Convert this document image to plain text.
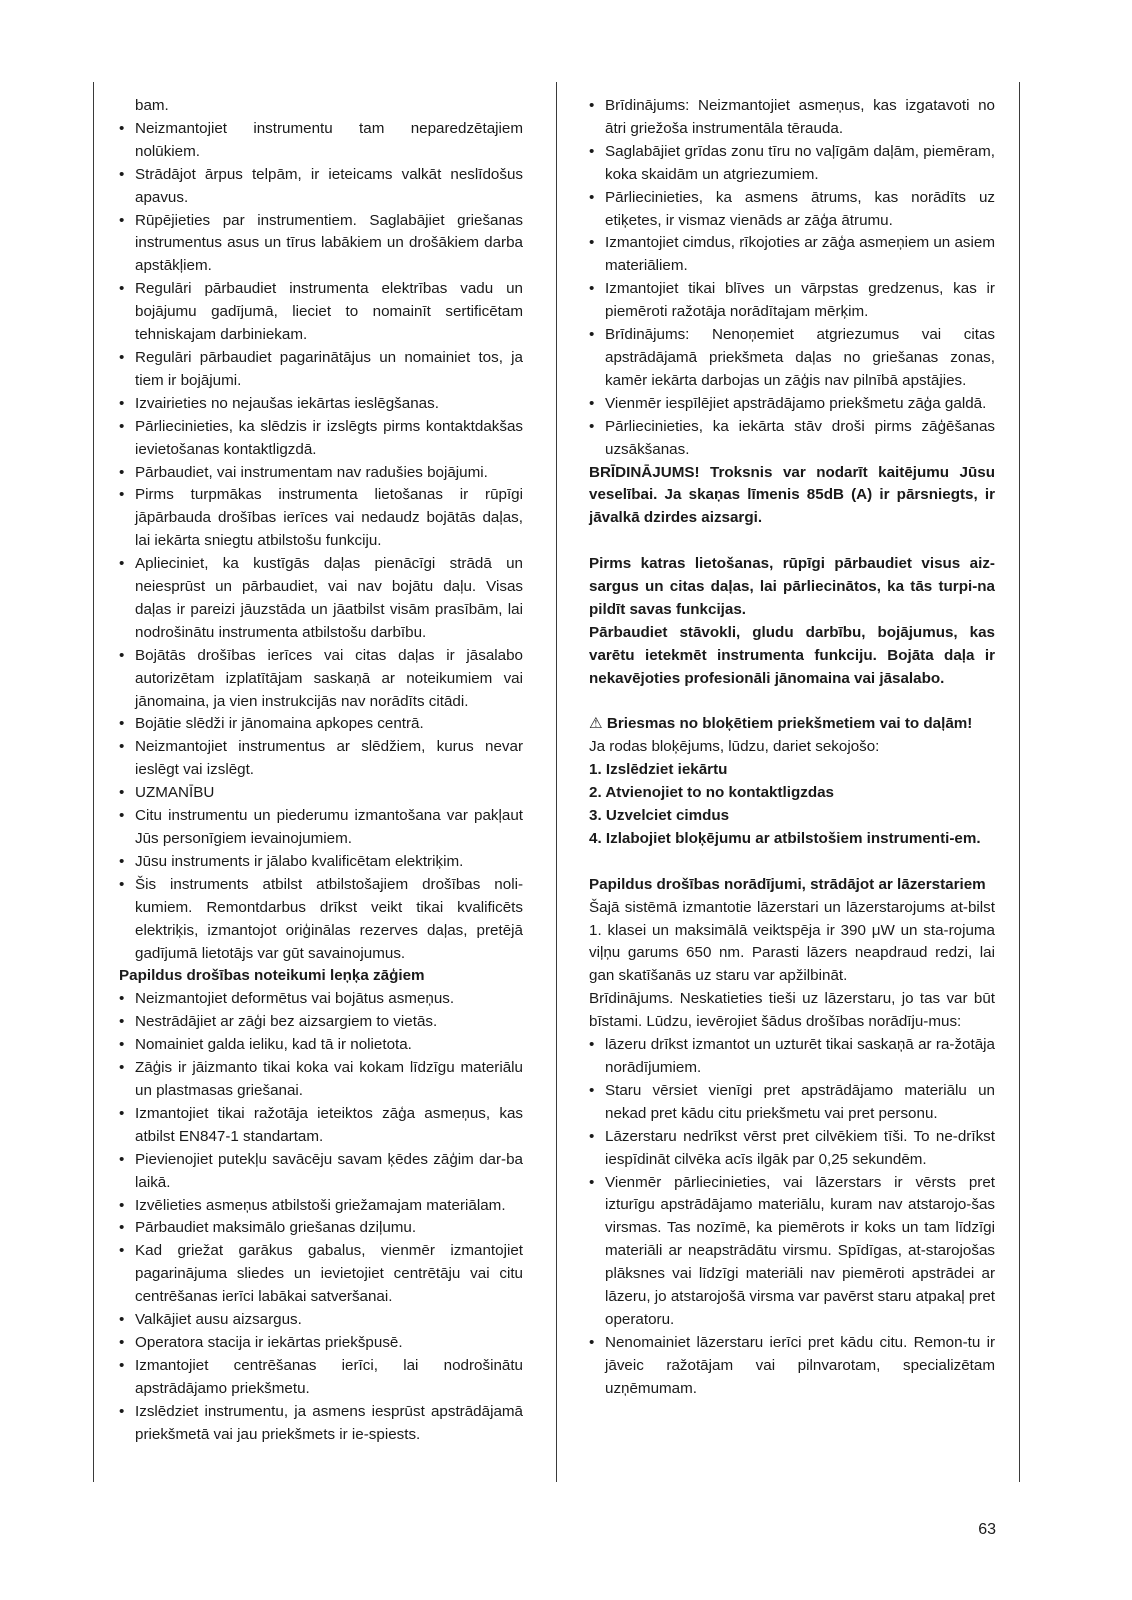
bam.

• Neizmantojiet instrumentu tam neparedzētajiem nolūkiem.
• Strādājot ārpus telpām, ir ieteicams valkāt neslīdošus apavus.
• Rūpējieties par instrumentiem. Saglabājiet griešanas instrumentus asus un tīrus labākiem un drošākiem darba apstākļiem.
• Regulāri pārbaudiet instrumenta elektrības vadu un bojājumu gadījumā, lieciet to nomainīt sertificētam tehniskajam darbiniekam.
• Regulāri pārbaudiet pagarinātājus un nomainiet tos, ja tiem ir bojājumi.
• Izvairieties no nejaušas iekārtas ieslēgšanas.
• Pārliecinieties, ka slēdzis ir izslēgts pirms kontaktdakšas ievietošanas kontaktligzdā.
• Pārbaudiet, vai instrumentam nav radušies bojājumi.
• Pirms turpmākas instrumenta lietošanas ir rūpīgi jāpārbauda drošības ierīces vai nedaudz bojātās daļas, lai iekārta sniegtu atbilstošu funkciju.
• Aplieciniet, ka kustīgās daļas pienācīgi strādā un neiesprūst un pārbaudiet, vai nav bojātu daļu. Visas daļas ir pareizi jāuzstāda un jāatbilst visām prasībām, lai nodrošinātu instrumenta atbilstošu darbību.
• Bojātās drošības ierīces vai citas daļas ir jāsalabo autorizētam izplatītājam saskaņā ar noteikumiem vai jānomaina, ja vien instrukcijās nav norādīts citādi.
• Bojātie slēdži ir jānomaina apkopes centrā.
• Neizmantojiet instrumentus ar slēdžiem, kurus nevar ieslēgt vai izslēgt.
• UZMANĪBU
• Citu instrumentu un piederumu izmantošana var pakļaut Jūs personīgiem ievainojumiem.
• Jūsu instruments ir jālabo kvalificētam elektriķim.
• Šis instruments atbilst atbilstošajiem drošības noli-kumiem. Remontdarbus drīkst veikt tikai kvalificēts elektriķis, izmantojot oriģinālas rezerves daļas, pretējā gadījumā lietotājs var gūt savainojumus.

Papildus drošības noteikumi leņķa zāģiem

• Neizmantojiet deformētus vai bojātus asmeņus.
• Nestrādājiet ar zāģi bez aizsargiem to vietās.
• Nomainiet galda ieliku, kad tā ir nolietota.
• Zāģis ir jāizmanto tikai koka vai kokam līdzīgu materiālu un plastmasas griešanai.
• Izmantojiet tikai ražotāja ieteiktos zāģa asmeņus, kas atbilst EN847-1 standartam.
• Pievienojiet putekļu savācēju savam ķēdes zāģim dar-ba laikā.
• Izvēlieties asmeņus atbilstoši griežamajam materiālam.
• Pārbaudiet maksimālo griešanas dziļumu.
• Kad griežat garākus gabalus, vienmēr izmantojiet pagarinājuma sliedes un ievietojiet centrētāju vai citu centrēšanas ierīci labākai satveršanai.
• Valkājiet ausu aizsargus.
• Operatora stacija ir iekārtas priekšpusē.
• Izmantojiet centrēšanas ierīci, lai nodrošinātu apstrādājamo priekšmetu.
• Izslēdziet instrumentu, ja asmens iesprūst apstrādājamā priekšmetā vai jau priekšmets ir ie-spiests.
• Brīdinājums: Neizmantojiet asmeņus, kas izgatavoti no ātri griežoša instrumentāla tērauda.
• Saglabājiet grīdas zonu tīru no vaļīgām daļām, piemēram, koka skaidām un atgriezumiem.
• Pārliecinieties, ka asmens ātrums, kas norādīts uz etiķetes, ir vismaz vienāds ar zāģa ātrumu.
• Izmantojiet cimdus, rīkojoties ar zāģa asmeņiem un asiem materiāliem.
• Izmantojiet tikai blīves un vārpstas gredzenus, kas ir piemēroti ražotāja norādītajam mērķim.
• Brīdinājums: Nenoņemiet atgriezumus vai citas apstrādājamā priekšmeta daļas no griešanas zonas, kamēr iekārta darbojas un zāģis nav pilnībā apstājies.
• Vienmēr iespīlējiet apstrādājamo priekšmetu zāģa galdā.
• Pārliecinieties, ka iekārta stāv droši pirms zāģēšanas uzsākšanas.

BRĪDINĀJUMS! Troksnis var nodarīt kaitējumu Jūsu veselībai. Ja skaņas līmenis 85dB (A) ir pārsniegts, ir jāvalkā dzirdes aizsargi.

Pirms katras lietošanas, rūpīgi pārbaudiet visus aiz-sargus un citas daļas, lai pārliecinātos, ka tās turpi-na pildīt savas funkcijas.

Pārbaudiet stāvokli, gludu darbību, bojājumus, kas varētu ietekmēt instrumenta funkciju. Bojāta daļa ir nekavējoties profesionāli jānomaina vai jāsalabo.

⚠ Briesmas no bloķētiem priekšmetiem vai to daļām!

Ja rodas bloķējums, lūdzu, dariet sekojošo:

1. Izslēdziet iekārtu

2. Atvienojiet to no kontaktligzdas

3. Uzvelciet cimdus

4. Izlabojiet bloķējumu ar atbilstošiem instrumenti-em.

Papildus drošības norādījumi, strādājot ar lāzerstariem

Šajā sistēmā izmantotie lāzerstari un lāzerstarojums at-bilst 1. klasei un maksimālā veiktspēja ir 390 μW un sta-rojuma viļņu garums 650 nm. Parasti lāzers neapdraud redzi, lai gan skatīšanās uz staru var apžilbināt.

Brīdinājums. Neskatieties tieši uz lāzerstaru, jo tas var būt bīstami. Lūdzu, ievērojiet šādus drošības norādīju-mus:

• lāzeru drīkst izmantot un uzturēt tikai saskaņā ar ra-žotāja norādījumiem.
• Staru vērsiet vienīgi pret apstrādājamo materiālu un nekad pret kādu citu priekšmetu vai pret personu.
• Lāzerstaru nedrīkst vērst pret cilvēkiem tīši. To ne-drīkst iespīdināt cilvēka acīs ilgāk par 0,25 sekundēm.
• Vienmēr pārliecinieties, vai lāzerstars ir vērsts pret izturīgu apstrādājamo materiālu, kuram nav atstarojo-šas virsmas. Tas nozīmē, ka piemērots ir koks un tam līdzīgi materiāli ar neapstrādātu virsmu. Spīdīgas, at-starojošas plāksnes vai līdzīgi materiāli nav piemēroti apstrādei ar lāzeru, jo atstarojošā virsma var pavērst staru atpakaļ pret operatoru.
• Nenomainiet lāzerstaru ierīci pret kādu citu. Remon-tu ir jāveic ražotājam vai pilnvarotam, specializētam uzņēmumam.
63
